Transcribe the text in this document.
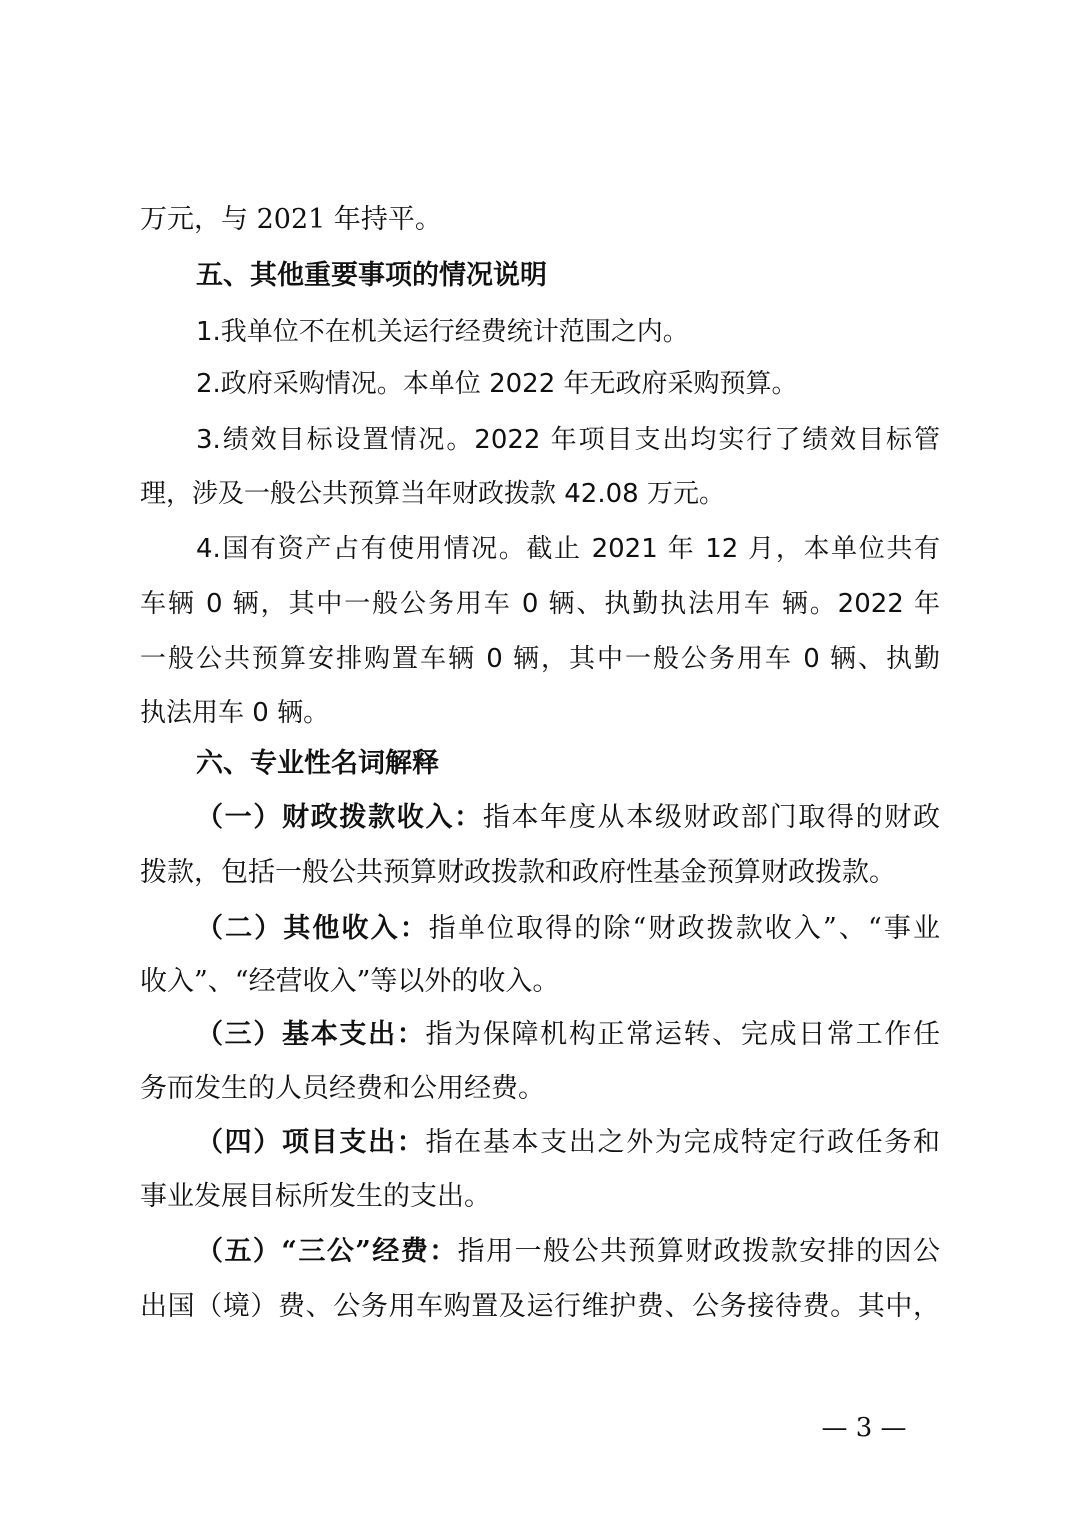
万元，与 2021 年持平。
五、其他重要事项的情况说明
1.我单位不在机关运行经费统计范围之内。
2.政府采购情况。本单位 2022 年无政府采购预算。
3.绩效目标设置情况。2022 年项目支出均实行了绩效目标管
理，涉及一般公共预算当年财政拨款 42.08 万元。
4.国有资产占有使用情况。截止 2021 年 12 月，本单位共有
车辆 0 辆，其中一般公务用车 0 辆、执勤执法用车 辆。2022 年
一般公共预算安排购置车辆 0 辆，其中一般公务用车 0 辆、执勤
执法用车 0 辆。
六、专业性名词解释
（一）财政拨款收入：指本年度从本级财政部门取得的财政
拨款，包括一般公共预算财政拨款和政府性基金预算财政拨款。
（二）其他收入：指单位取得的除“财政拨款收入”、“事业
收入”、“经营收入”等以外的收入。
（三）基本支出：指为保障机构正常运转、完成日常工作任
务而发生的人员经费和公用经费。
（四）项目支出：指在基本支出之外为完成特定行政任务和
事业发展目标所发生的支出。
（五）“三公”经费：指用一般公共预算财政拨款安排的因公
出国（境）费、公务用车购置及运行维护费、公务接待费。其中，
— 3 —
